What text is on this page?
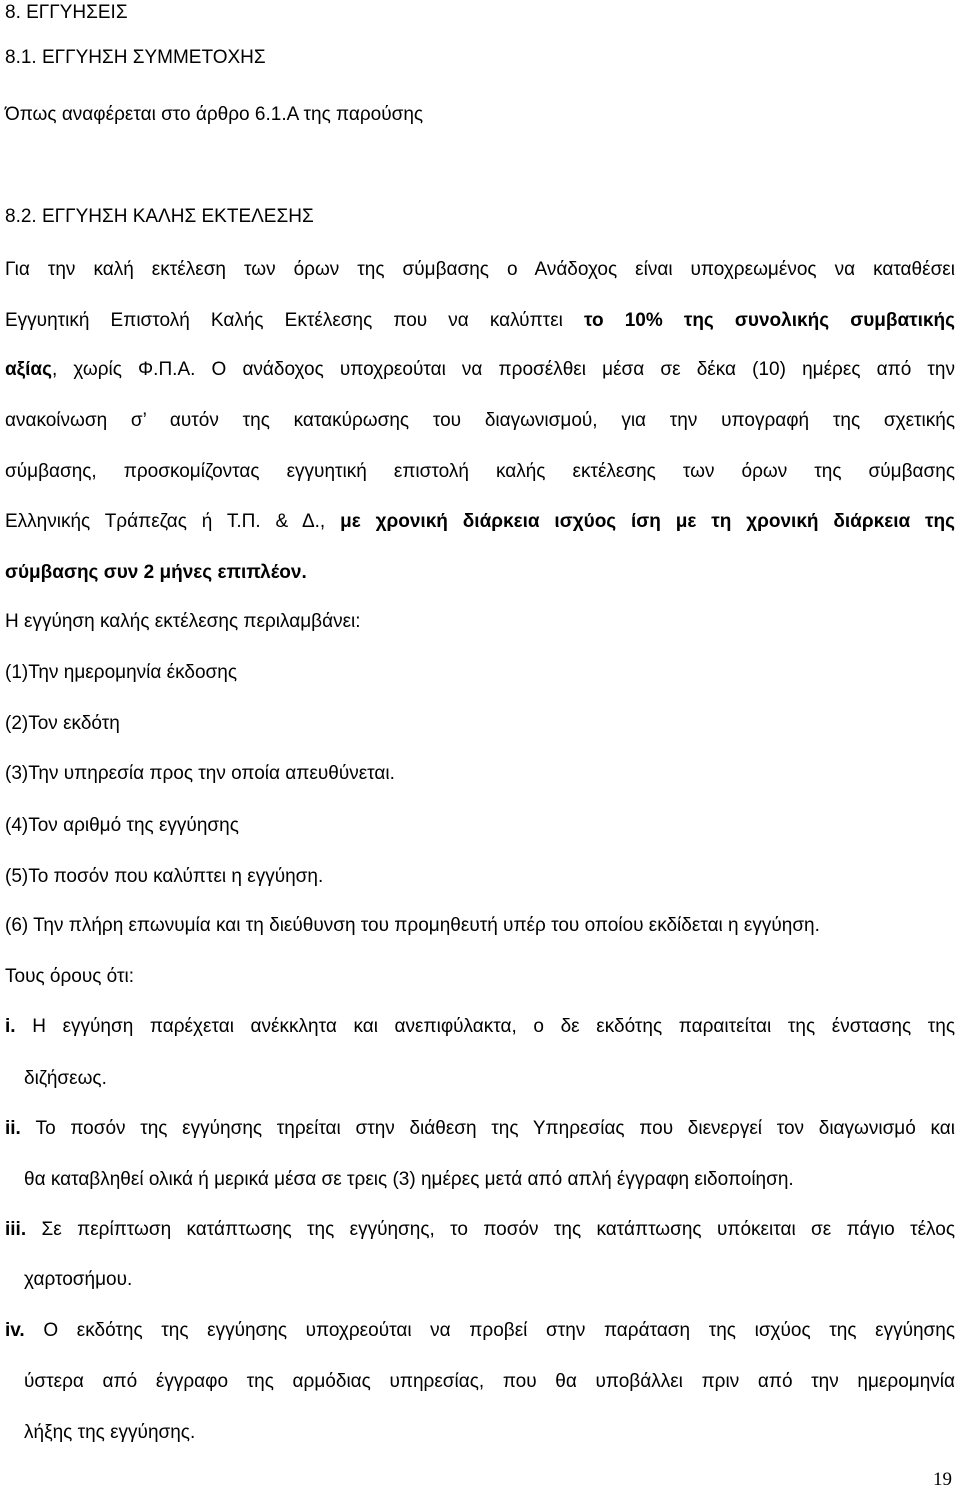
8. ΕΓΓΥΗΣΕΙΣ
8.1. ΕΓΓΥΗΣΗ ΣΥΜΜΕΤΟΧΗΣ
Όπως αναφέρεται στο άρθρο 6.1.Α της παρούσης
8.2. ΕΓΓΥΗΣΗ ΚΑΛΗΣ ΕΚΤΕΛΕΣΗΣ
Για την καλή εκτέλεση των όρων της σύμβασης ο Ανάδοχος είναι υποχρεωμένος να καταθέσει
Εγγυητική Επιστολή Καλής Εκτέλεσης που να καλύπτει το 10% της συνολικής συμβατικής
αξίας, χωρίς Φ.Π.Α. Ο ανάδοχος υποχρεούται να προσέλθει μέσα σε δέκα (10) ημέρες από την
ανακοίνωση σ’ αυτόν της κατακύρωσης του διαγωνισμού, για την υπογραφή της σχετικής
σύμβασης, προσκομίζοντας εγγυητική επιστολή καλής εκτέλεσης των όρων της σύμβασης
Ελληνικής Τράπεζας ή Τ.Π. & Δ., με χρονική διάρκεια ισχύος ίση με τη χρονική διάρκεια της
σύμβασης συν 2 μήνες επιπλέον.
Η εγγύηση καλής εκτέλεσης περιλαμβάνει:
(1)Την ημερομηνία έκδοσης
(2)Τον εκδότη
(3)Την υπηρεσία προς την οποία απευθύνεται.
(4)Τον αριθμό της εγγύησης
(5)Το ποσόν που καλύπτει η εγγύηση.
(6) Την πλήρη επωνυμία και τη διεύθυνση του προμηθευτή υπέρ του οποίου εκδίδεται η εγγύηση.
Τους όρους ότι:
i. Η εγγύηση παρέχεται ανέκκλητα και ανεπιφύλακτα, ο δε εκδότης παραιτείται της ένστασης της
διζήσεως.
ii. Το ποσόν της εγγύησης τηρείται στην διάθεση της Υπηρεσίας που διενεργεί τον διαγωνισμό και
θα καταβληθεί ολικά ή μερικά μέσα σε τρεις (3) ημέρες μετά από απλή έγγραφη ειδοποίηση.
iii. Σε περίπτωση κατάπτωσης της εγγύησης, το ποσόν της κατάπτωσης υπόκειται σε πάγιο τέλος
χαρτοσήμου.
iv. Ο εκδότης της εγγύησης υποχρεούται να προβεί στην παράταση της ισχύος της εγγύησης
ύστερα από έγγραφο της αρμόδιας υπηρεσίας, που θα υποβάλλει πριν από την ημερομηνία
λήξης της εγγύησης.
19
